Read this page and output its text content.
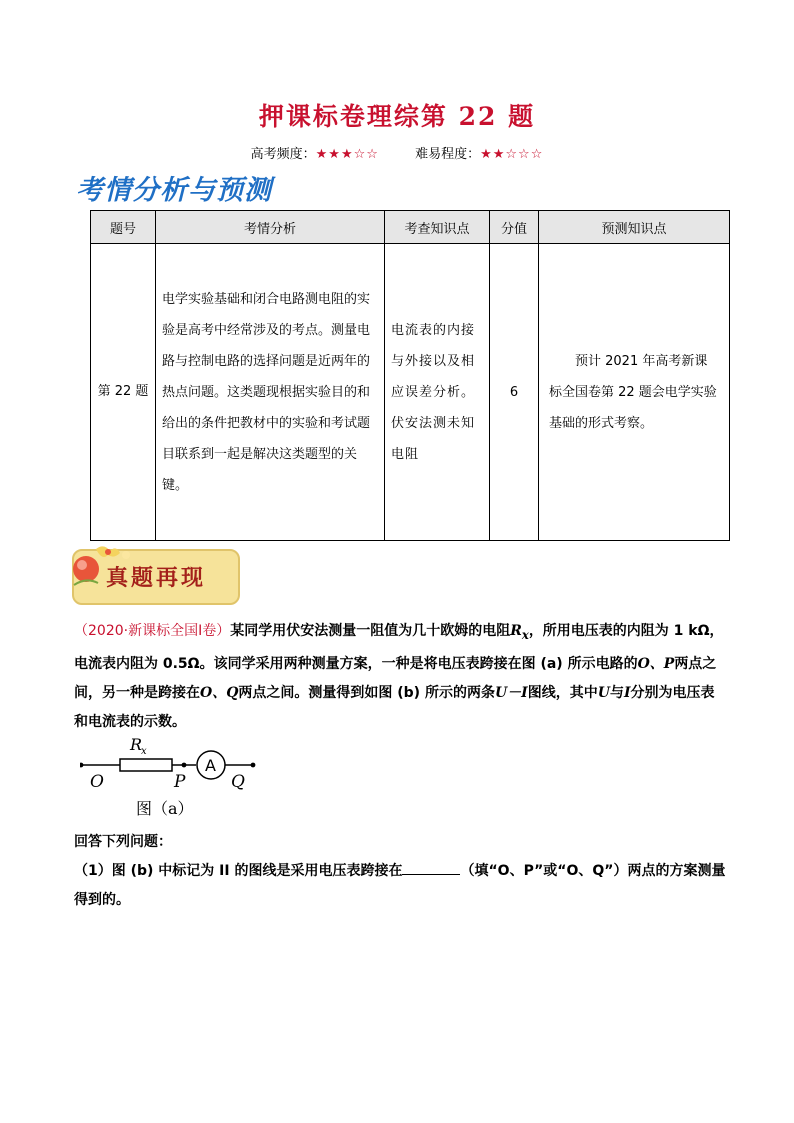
押课标卷理综第 22 题
高考频度：★★★☆☆	难易程度：★★☆☆☆
考情分析与预测
题号	考情分析	考查知识点	分值	预测知识点
第 22 题	电学实验基础和闭合电路测电阻的实验是高考中经常涉及的考点。测量电路与控制电路的选择问题是近两年的热点问题。这类题现根据实验目的和给出的条件把教材中的实验和考试题目联系到一起是解决这类题型的关键。	电流表的内接与外接以及相应误差分析。伏安法测未知电阻	6	预计 2021 年高考新课标全国卷第 22 题会电学实验基础的形式考察。
真题再现
（2020·新课标全国Ⅰ卷）某同学用伏安法测量一阻值为几十欧姆的电阻$R_x$，所用电压表的内阻为 1 kΩ，电流表内阻为 0.5Ω。该同学采用两种测量方案，一种是将电压表跨接在图 (a) 所示电路的O、P两点之间，另一种是跨接在O、Q两点之间。测量得到如图 (b) 所示的两条U－I图线，其中U与I分别为电压表和电流表的示数。
R
x
A
O	P	Q
图（a）
回答下列问题：
（1）图 (b) 中标记为 II 的图线是采用电压表跨接在	（填“O、P”或“O、Q”）两点的方案测量得到的。
